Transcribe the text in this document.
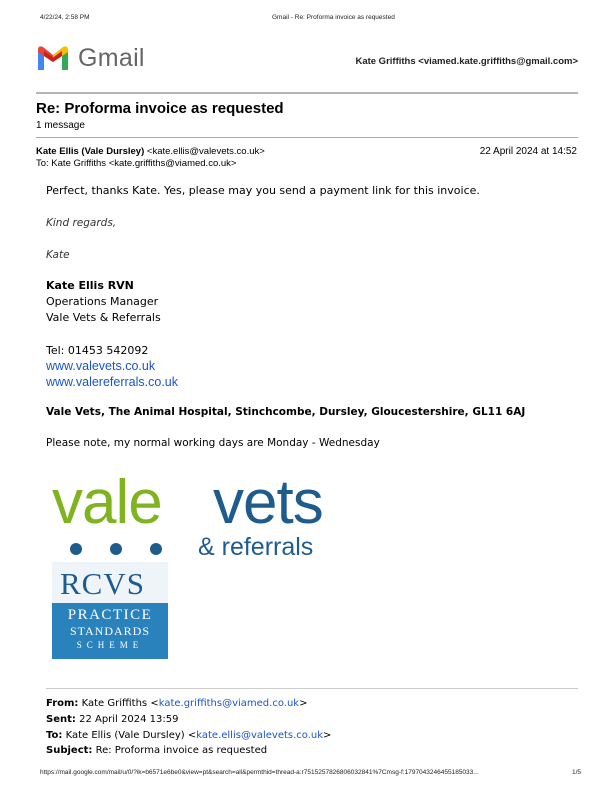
4/22/24, 2:58 PM	Gmail - Re: Proforma invoice as requested
Gmail	Kate Griffiths <viamed.kate.griffiths@gmail.com>
Re: Proforma invoice as requested
1 message
Kate Ellis (Vale Dursley) <kate.ellis@valevets.co.uk>	22 April 2024 at 14:52
To: Kate Griffiths <kate.griffiths@viamed.co.uk>
Perfect, thanks Kate. Yes, please may you send a payment link for this invoice.
Kind regards,
Kate
Kate Ellis RVN
Operations Manager
Vale Vets & Referrals
Tel: 01453 542092
www.valevets.co.uk
www.valereferrals.co.uk
Vale Vets, The Animal Hospital, Stinchcombe, Dursley, Gloucestershire, GL11 6AJ
Please note, my normal working days are Monday - Wednesday
vale vets
& referrals
RCVS
PRACTICE
STANDARDS
SCHEME
From: Kate Griffiths <kate.griffiths@viamed.co.uk>
Sent: 22 April 2024 13:59
To: Kate Ellis (Vale Dursley) <kate.ellis@valevets.co.uk>
Subject: Re: Proforma invoice as requested
https://mail.google.com/mail/u/0/?ik=b6571e6be0&view=pt&search=all&permthid=thread-a:r7515257826806032841%7Cmsg-f:1797043246455185033...	1/5
